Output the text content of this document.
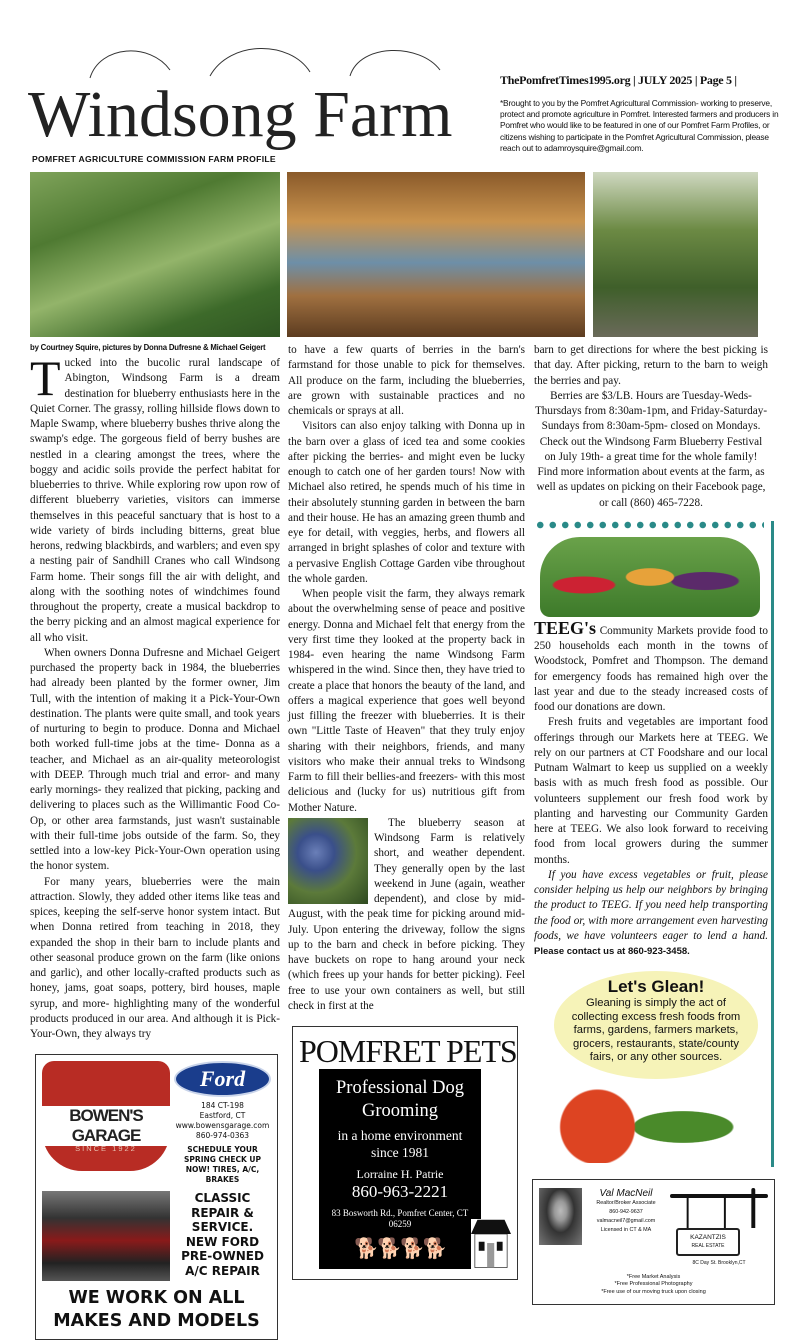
Windsong Farm
POMFRET AGRICULTURE COMMISSION FARM PROFILE
ThePomfretTimes1995.org | JULY 2025 | Page 5 |
*Brought to you by the Pomfret Agricultural Commission- working to preserve, protect and promote agriculture in Pomfret. Interested farmers and producers in Pomfret who would like to be featured in one of our Pomfret Farm Profiles, or citizens wishing to participate in the Pomfret Agricultural Commission, please reach out to adamroysquire@gmail.com.
by Courtney Squire, pictures by Donna Dufresne & Michael Geigert

Tucked into the bucolic rural landscape of Abington, Windsong Farm is a dream destination for blueberry enthusiasts here in the Quiet Corner. The grassy, rolling hillside flows down to Maple Swamp, where blueberry bushes thrive along the swamp's edge. The gorgeous field of berry bushes are nestled in a clearing amongst the trees, where the boggy and acidic soils provide the perfect habitat for blueberries to thrive. While exploring row upon row of different blueberry varieties, visitors can immerse themselves in this peaceful sanctuary that is host to a wide variety of birds including bitterns, great blue herons, redwing blackbirds, and warblers; and even spy a nesting pair of Sandhill Cranes who call Windsong Farm home. Their songs fill the air with delight, and along with the soothing notes of windchimes found throughout the property, create a musical backdrop to the berry picking and an almost magical experience for all who visit.

When owners Donna Dufresne and Michael Geigert purchased the property back in 1984, the blueberries had already been planted by the former owner, Jim Tull, with the intention of making it a Pick-Your-Own destination. The plants were quite small, and took years of nurturing to begin to produce. Donna and Michael both worked full-time jobs at the time- Donna as a teacher, and Michael as an air-quality meteorologist with DEEP. Through much trial and error- and many early mornings- they realized that picking, packing and delivering to places such as the Willimantic Food Co-Op, or other area farmstands, just wasn't sustainable with their full-time jobs outside of the farm. So, they settled into a low-key Pick-Your-Own operation using the honor system.

For many years, blueberries were the main attraction. Slowly, they added other items like teas and spices, keeping the self-serve honor system intact. But when Donna retired from teaching in 2018, they expanded the shop in their barn to include plants and other seasonal produce grown on the farm (like onions and garlic), and other locally-crafted products such as honey, jams, goat soaps, pottery, bird houses, maple syrup, and more- highlighting many of the wonderful products produced in our area. And although it is Pick-Your-Own, they always try

BOWEN'S GARAGE
SINCE 1922
Ford
184 CT-198
Eastford, CT
www.bowensgarage.com
860-974-0363
SCHEDULE YOUR SPRING CHECK UP NOW! TIRES, A/C, BRAKES
CLASSIC REPAIR & SERVICE. NEW FORD PRE-OWNED A/C REPAIR
WE WORK ON ALL MAKES AND MODELS

to have a few quarts of berries in the barn's farmstand for those unable to pick for themselves. All produce on the farm, including the blueberries, are grown with sustainable practices and no chemicals or sprays at all.

Visitors can also enjoy talking with Donna up in the barn over a glass of iced tea and some cookies after picking the berries- and might even be lucky enough to catch one of her garden tours! Now with Michael also retired, he spends much of his time in their absolutely stunning garden in between the barn and their house. He has an amazing green thumb and eye for detail, with veggies, herbs, and flowers all arranged in bright splashes of color and texture with a pervasive English Cottage Garden vibe throughout the whole garden.

When people visit the farm, they always remark about the overwhelming sense of peace and positive energy. Donna and Michael felt that energy from the very first time they looked at the property back in 1984- even hearing the name Windsong Farm whispered in the wind. Since then, they have tried to create a place that honors the beauty of the land, and offers a magical experience that goes well beyond just filling the freezer with blueberries. It is their own "Little Taste of Heaven" that they truly enjoy sharing with their neighbors, friends, and many visitors who make their annual treks to Windsong Farm to fill their bellies-and freezers- with this most delicious and (lucky for us) nutritious gift from Mother Nature.

The blueberry season at Windsong Farm is relatively short, and weather dependent. They generally open by the last weekend in June (again, weather dependent), and close by mid-August, with the peak time for picking around mid-July. Upon entering the driveway, follow the signs up to the barn and check in before picking. They have buckets on rope to hang around your neck (which frees up your hands for better picking). Feel free to use your own containers as well, but still check in first at the

POMFRET PETS
Professional Dog Grooming
in a home environment since 1981
Lorraine H. Patrie
860-963-2221
83 Bosworth Rd., Pomfret Center, CT 06259
🐕🐕🐕🐕

barn to get directions for where the best picking is that day. After picking, return to the barn to weigh the berries and pay.

Berries are $3/LB. Hours are Tuesday-Weds-Thursdays from 8:30am-1pm, and Friday-Saturday-Sundays from 8:30am-5pm- closed on Mondays. Check out the Windsong Farm Blueberry Festival on July 19th- a great time for the whole family! Find more information about events at the farm, as well as updates on picking on their Facebook page, or call (860) 465-7228.

TEEG's Community Markets provide food to 250 households each month in the towns of Woodstock, Pomfret and Thompson. The demand for emergency foods has remained high over the last year and due to the steady increased costs of food our donations are down.

Fresh fruits and vegetables are important food offerings through our Markets here at TEEG. We rely on our partners at CT Foodshare and our local Putnam Walmart to keep us supplied on a weekly basis with as much fresh food as possible. Our volunteers supplement our fresh food work by planting and harvesting our Community Garden here at TEEG. We also look forward to receiving food from local growers during the summer months.

If you have excess vegetables or fruit, please consider helping us help our neighbors by bringing the product to TEEG. If you need help transporting the food or, with more arrangement even harvesting foods, we have volunteers eager to lend a hand. Please contact us at 860-923-3458.

Let's Glean!
Gleaning is simply the act of collecting excess fresh foods from farms, gardens, farmers markets, grocers, restaurants, state/county fairs, or any other sources.
Val MacNeil
Realtor/Broker Associate
860-942-9637
valmacneil7@gmail.com
Licensed in CT & MA
KAZANTZIS
REAL ESTATE
8C Day St. Brooklyn,CT
*Free Market Analysis
*Free Professional Photography
*Free use of our moving truck upon closing
